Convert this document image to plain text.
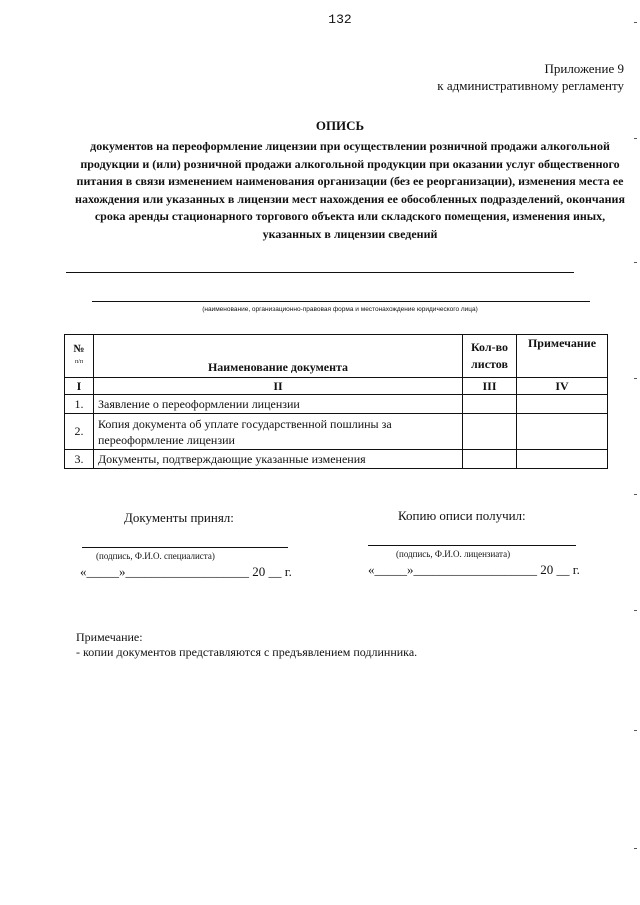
132
Приложение 9
к административному регламенту
ОПИСЬ
документов на переоформление лицензии при осуществлении розничной продажи алкогольной продукции и (или) розничной продажи алкогольной продукции при оказании услуг общественного питания в связи изменением наименования организации (без ее реорганизации), изменения места ее нахождения или указанных в лицензии мест нахождения ее обособленных подразделений, окончания срока аренды стационарного торгового объекта или складского помещения, изменения иных, указанных в лицензии сведений
(наименование, организационно-правовая форма и местонахождение юридического лица)
№
п/п	Наименование документа	Кол-во листов	Примечание
I	II	III	IV
1.	Заявление о переоформлении лицензии		
2.	Копия документа об уплате государственной пошлины за переоформление лицензии		
3.	Документы, подтверждающие указанные изменения		
Документы принял:
(подпись, Ф.И.О. специалиста)
«_____»___________________ 20 __ г.
Копию описи получил:
(подпись, Ф.И.О. лицензиата)
«_____»___________________ 20 __ г.
Примечание:
- копии документов представляются с предъявлением подлинника.
